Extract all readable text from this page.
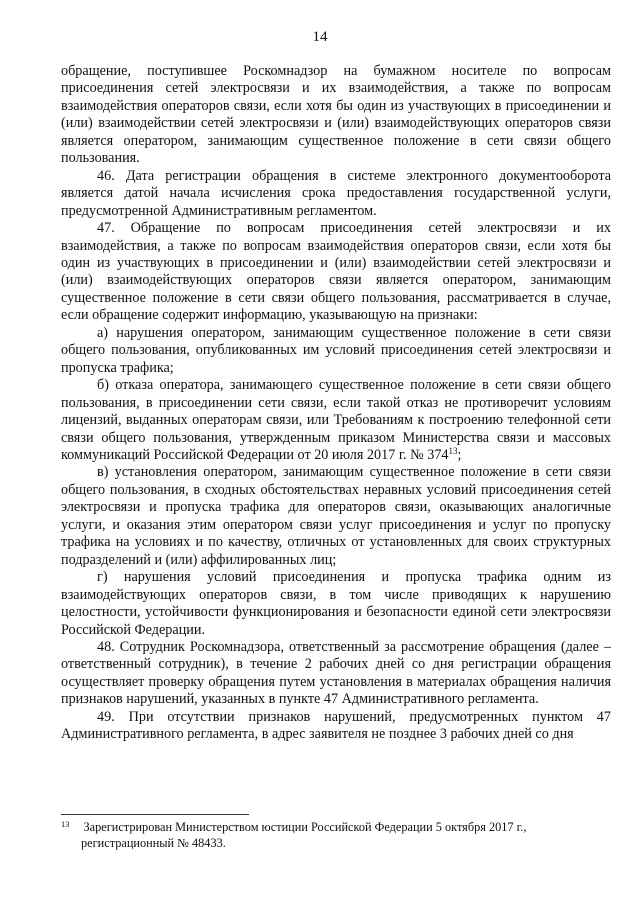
14

обращение, поступившее Роскомнадзор на бумажном носителе по вопросам присоединения сетей электросвязи и их взаимодействия, а также по вопросам взаимодействия операторов связи, если хотя бы один из участвующих в присоединении и (или) взаимодействии сетей электросвязи и (или) взаимодействующих операторов связи является оператором, занимающим существенное положение в сети связи общего пользования.

46. Дата регистрации обращения в системе электронного документооборота является датой начала исчисления срока предоставления государственной услуги, предусмотренной Административным регламентом.

47. Обращение по вопросам присоединения сетей электросвязи и их взаимодействия, а также по вопросам взаимодействия операторов связи, если хотя бы один из участвующих в присоединении и (или) взаимодействии сетей электросвязи и (или) взаимодействующих операторов связи является оператором, занимающим существенное положение в сети связи общего пользования, рассматривается в случае, если обращение содержит информацию, указывающую на признаки:

а) нарушения оператором, занимающим существенное положение в сети связи общего пользования, опубликованных им условий присоединения сетей электросвязи и пропуска трафика;

б) отказа оператора, занимающего существенное положение в сети связи общего пользования, в присоединении сети связи, если такой отказ не противоречит условиям лицензий, выданных операторам связи, или Требованиям к построению телефонной сети связи общего пользования, утвержденным приказом Министерства связи и массовых коммуникаций Российской Федерации от 20 июля 2017 г. № $374^{13}$;

в) установления оператором, занимающим существенное положение в сети связи общего пользования, в сходных обстоятельствах неравных условий присоединения сетей электросвязи и пропуска трафика для операторов связи, оказывающих аналогичные услуги, и оказания этим оператором связи услуг присоединения и услуг по пропуску трафика на условиях и по качеству, отличных от установленных для своих структурных подразделений и (или) аффилированных лиц;

г) нарушения условий присоединения и пропуска трафика одним из взаимодействующих операторов связи, в том числе приводящих к нарушению целостности, устойчивости функционирования и безопасности единой сети электросвязи Российской Федерации.

48. Сотрудник Роскомнадзора, ответственный за рассмотрение обращения (далее – ответственный сотрудник), в течение 2 рабочих дней со дня регистрации обращения осуществляет проверку обращения путем установления в материалах обращения наличия признаков нарушений, указанных в пункте 47 Административного регламента.

49. При отсутствии признаков нарушений, предусмотренных пунктом 47 Административного регламента, в адрес заявителя не позднее 3 рабочих дней со дня

$^{13}$ Зарегистрирован Министерством юстиции Российской Федерации 5 октября 2017 г.,
регистрационный № 48433.
